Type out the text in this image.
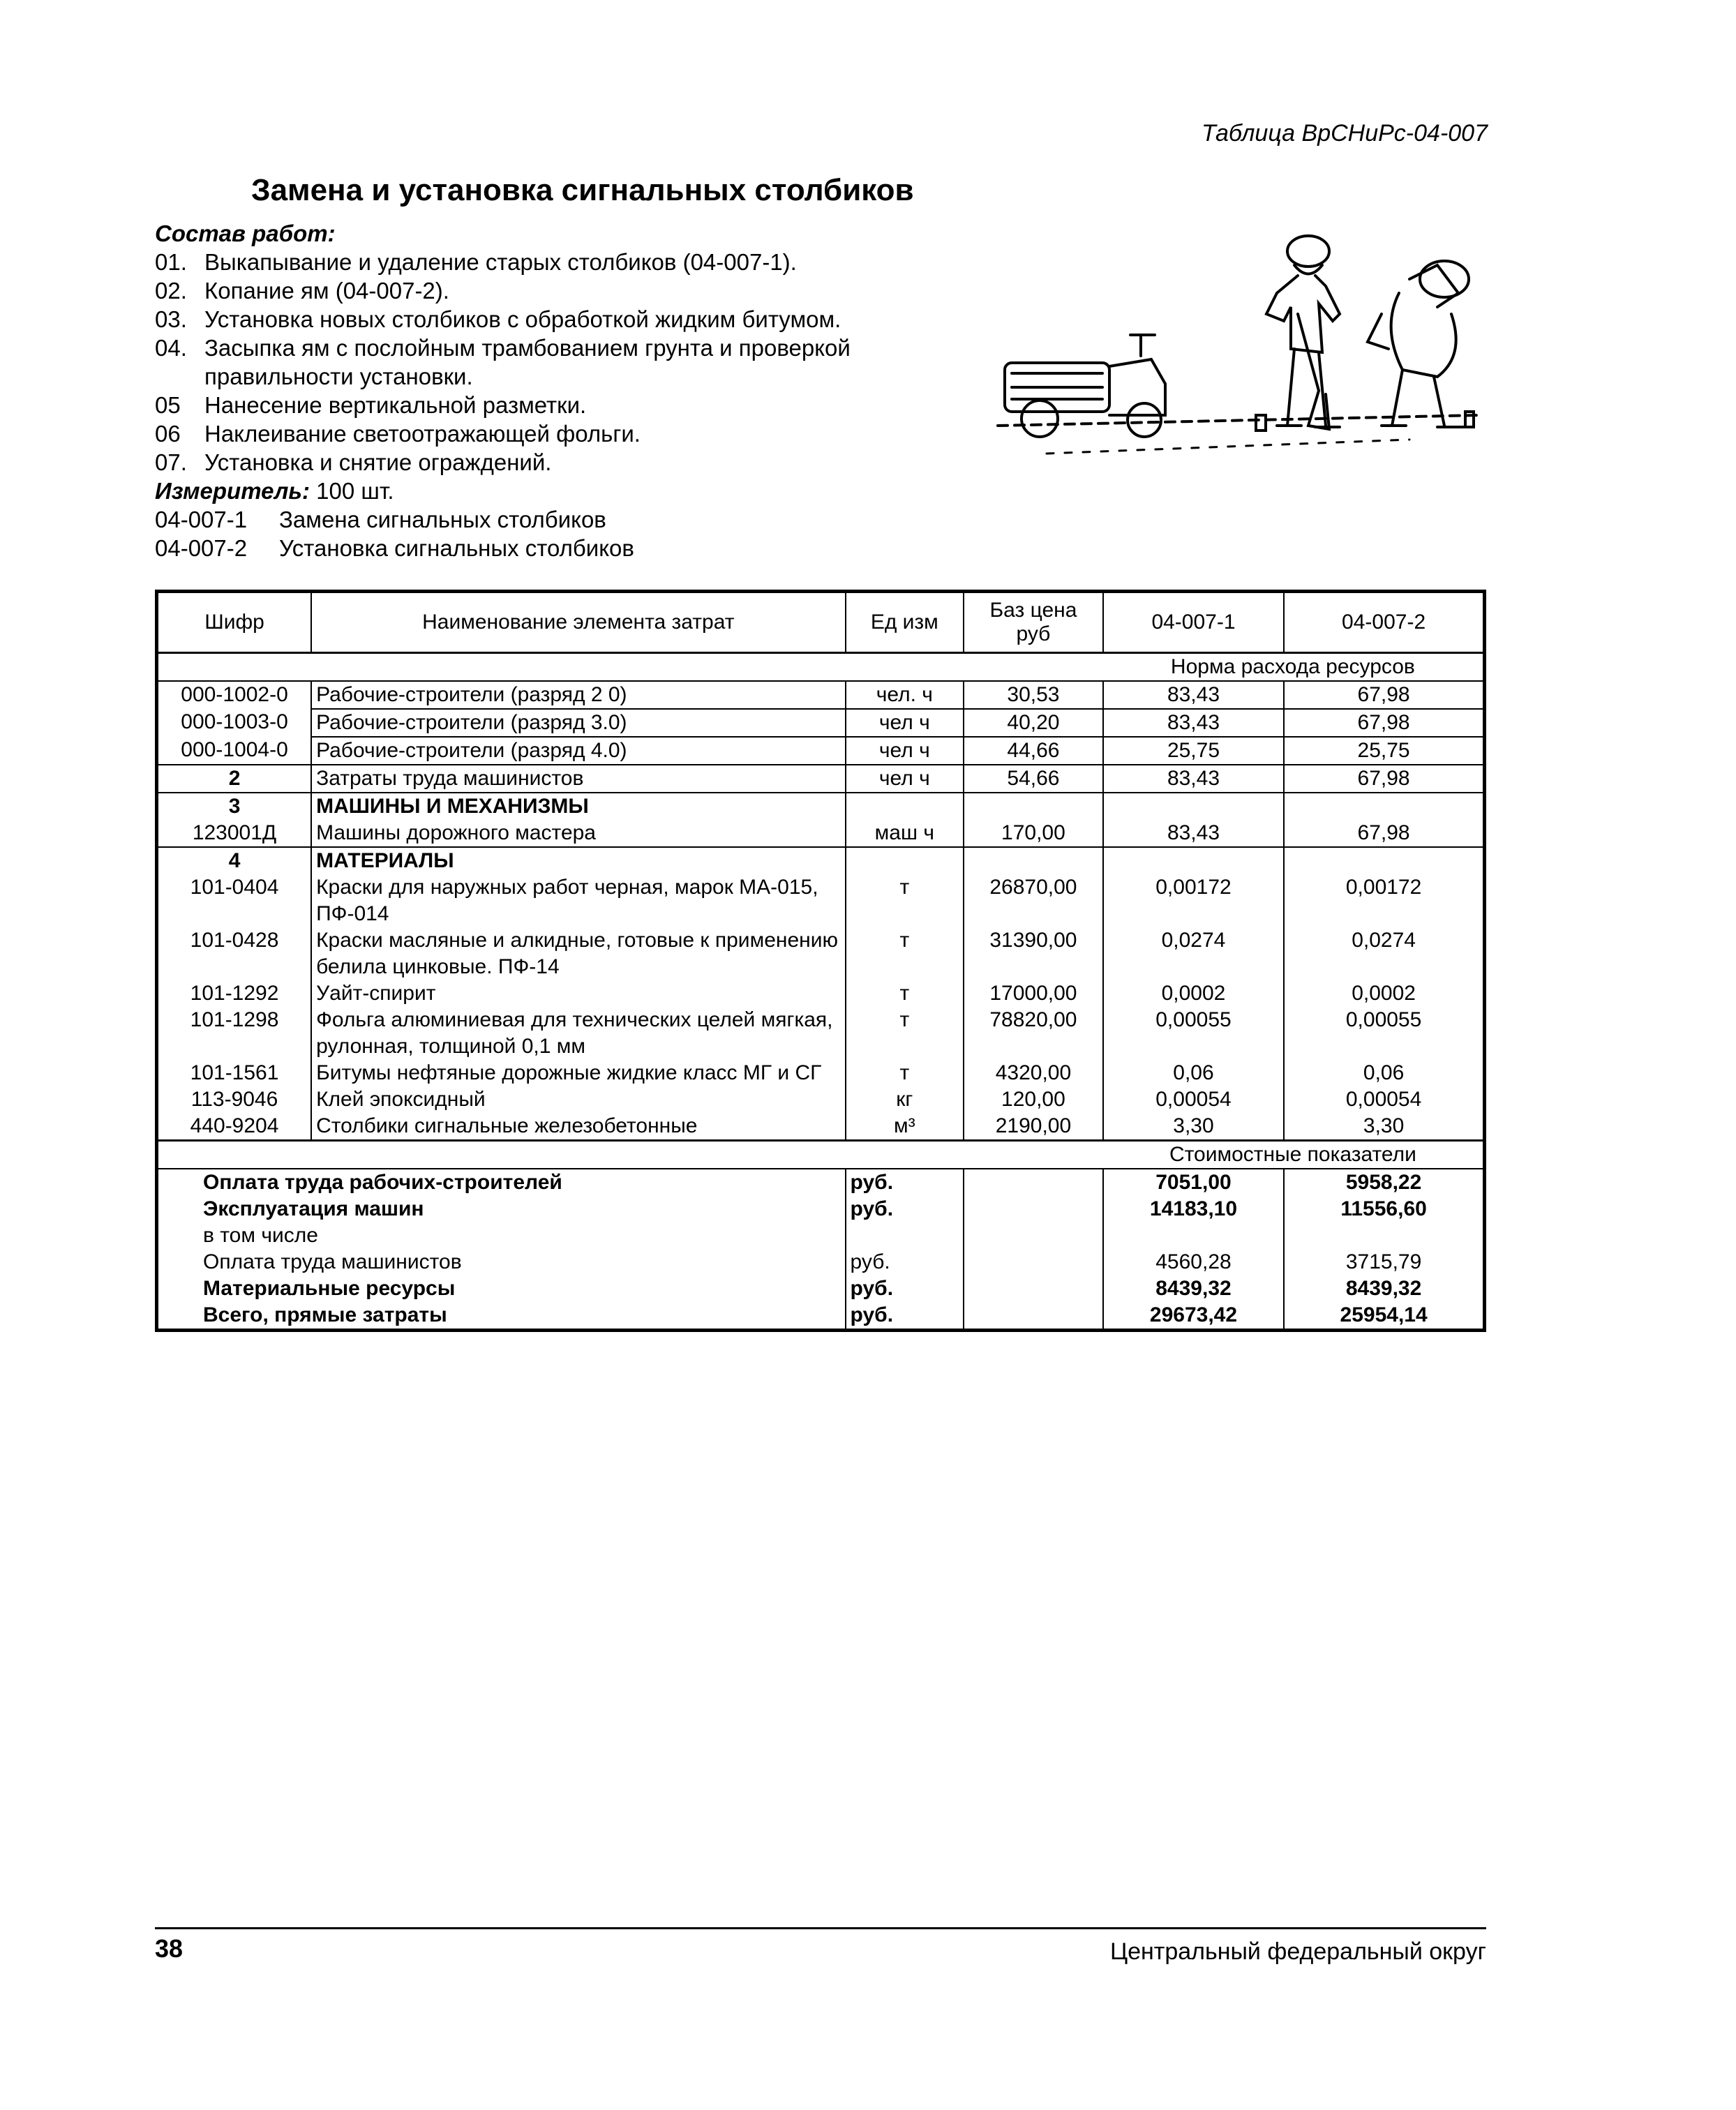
Таблица ВрСНиРс-04-007
Замена и установка сигнальных столбиков
Состав работ:
01. Выкапывание и удаление старых столбиков (04-007-1).
02. Копание ям (04-007-2).
03. Установка новых столбиков с обработкой жидким битумом.
04. Засыпка ям с послойным трамбованием грунта и проверкой правильности установки.
05	Нанесение вертикальной разметки.
06	Наклеивание светоотражающей фольги.
07. Установка и снятие ограждений.
Измеритель: 100 шт.
04-007-1	Замена сигнальных столбиков
04-007-2	Установка сигнальных столбиков
Шифр	Наименование элемента затрат	Ед изм	Баз цена руб	04-007-1	04-007-2
				Норма расхода ресурсов	
000-1002-0	Рабочие-строители (разряд 2 0)	чел. ч	30,53	83,43	67,98
000-1003-0	Рабочие-строители (разряд 3.0)	чел ч	40,20	83,43	67,98
000-1004-0	Рабочие-строители (разряд 4.0)	чел ч	44,66	25,75	25,75
2	Затраты труда машинистов	чел ч	54,66	83,43	67,98
3	МАШИНЫ И МЕХАНИЗМЫ				
123001Д	Машины дорожного мастера	маш ч	170,00	83,43	67,98
4	МАТЕРИАЛЫ				
101-0404	Краски для наружных работ черная, марок МА-015, ПФ-014	т	26870,00	0,00172	0,00172
101-0428	Краски масляные и алкидные, готовые к применению белила цинковые. ПФ-14	т	31390,00	0,0274	0,0274
101-1292	Уайт-спирит	т	17000,00	0,0002	0,0002
101-1298	Фольга алюминиевая для технических целей мягкая, рулонная, толщиной 0,1 мм	т	78820,00	0,00055	0,00055
101-1561	Битумы нефтяные дорожные жидкие класс МГ и СГ	т	4320,00	0,06	0,06
113-9046	Клей эпоксидный	кг	120,00	0,00054	0,00054
440-9204	Столбики сигнальные железобетонные	м³	2190,00	3,30	3,30
				Стоимостные показатели	
Оплата труда рабочих-строителей		руб.		7051,00	5958,22
Эксплуатация машин		руб.		14183,10	11556,60
в том числе					
Оплата труда машинистов		руб.		4560,28	3715,79
Материальные ресурсы		руб.		8439,32	8439,32
Всего, прямые затраты		руб.		29673,42	25954,14
38	Центральный федеральный округ
